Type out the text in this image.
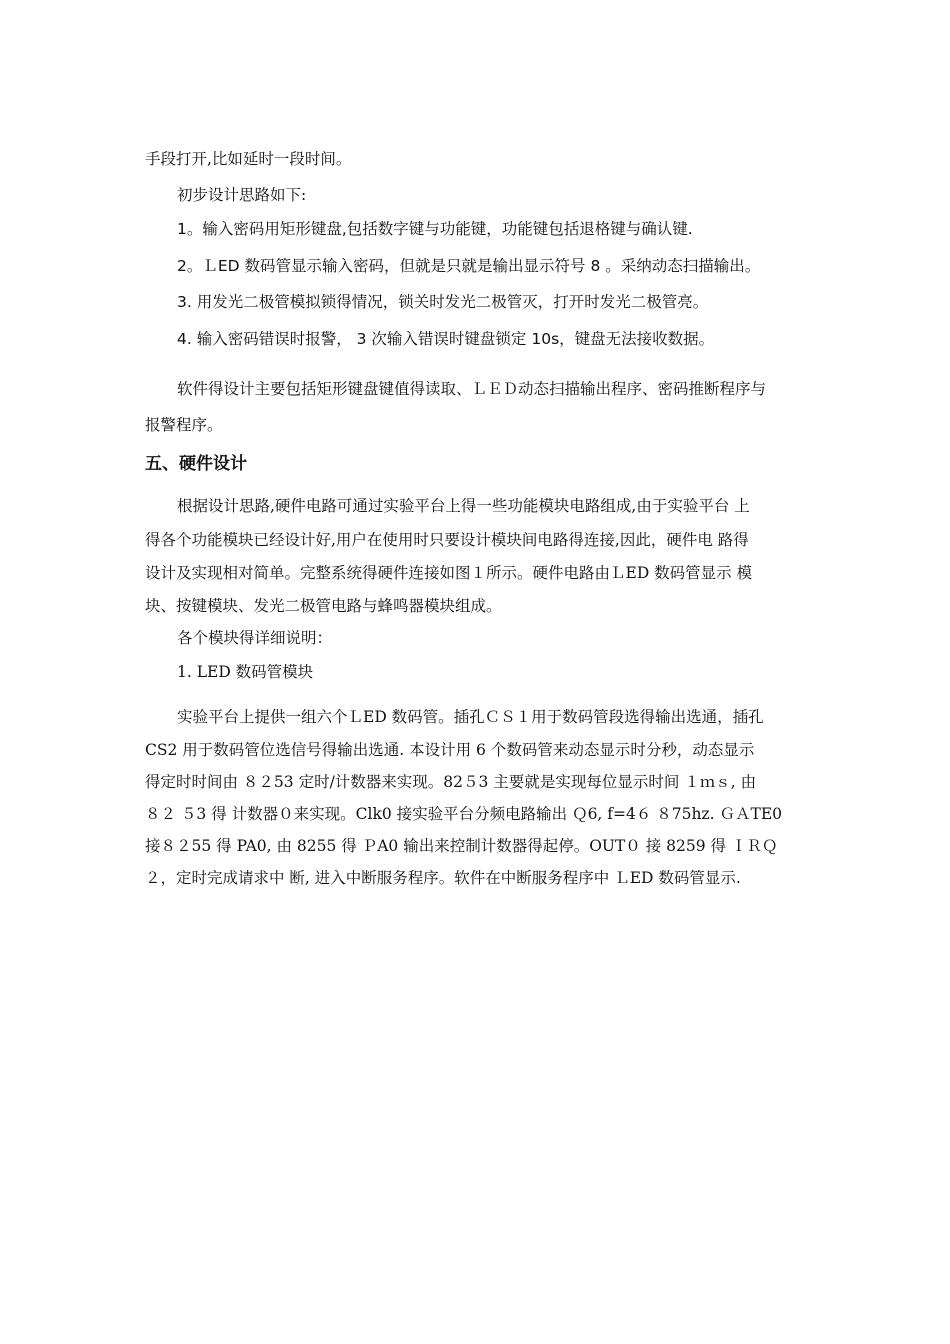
手段打开,比如延时一段时间。
初步设计思路如下:
1。输入密码用矩形键盘,包括数字键与功能键，功能键包括退格键与确认键.
2。ＬED 数码管显示输入密码，但就是只就是输出显示符号 8 。采纳动态扫描输出。
3. 用发光二极管模拟锁得情况，锁关时发光二极管灭，打开时发光二极管亮。
4. 输入密码错误时报警， 3 次输入错误时键盘锁定 10s，键盘无法接收数据。
软件得设计主要包括矩形键盘键值得读取、ＬＥＤ动态扫描输出程序、密码推断程序与
报警程序。
五、硬件设计
根据设计思路,硬件电路可通过实验平台上得一些功能模块电路组成,由于实验平台 上
得各个功能模块已经设计好,用户在使用时只要设计模块间电路得连接,因此，硬件电 路得
设计及实现相对简单。完整系统得硬件连接如图１所示。硬件电路由ＬED 数码管显示 模
块、按键模块、发光二极管电路与蜂鸣器模块组成。
各个模块得详细说明：
1. LED 数码管模块
实验平台上提供一组六个ＬED 数码管。插孔ＣＳ１用于数码管段选得输出选通，插孔
CS2 用于数码管位选信号得输出选通. 本设计用 6 个数码管来动态显示时分秒，动态显示
得定时时间由 ８２53 定时/计数器来实现。82５3 主要就是实现每位显示时间 １ｍｓ, 由
８２ ５3 得 计数器０来实现。Clk0 接实验平台分频电路输出 Ｑ6, f=4６ ８75hz. ＧＡTE0
接８２55 得 PA0, 由 8255 得 ＰA0 输出来控制计数器得起停。OUT０ 接 8259 得 ＩＲＱ
２，定时完成请求中 断, 进入中断服务程序。软件在中断服务程序中 ＬED 数码管显示.
